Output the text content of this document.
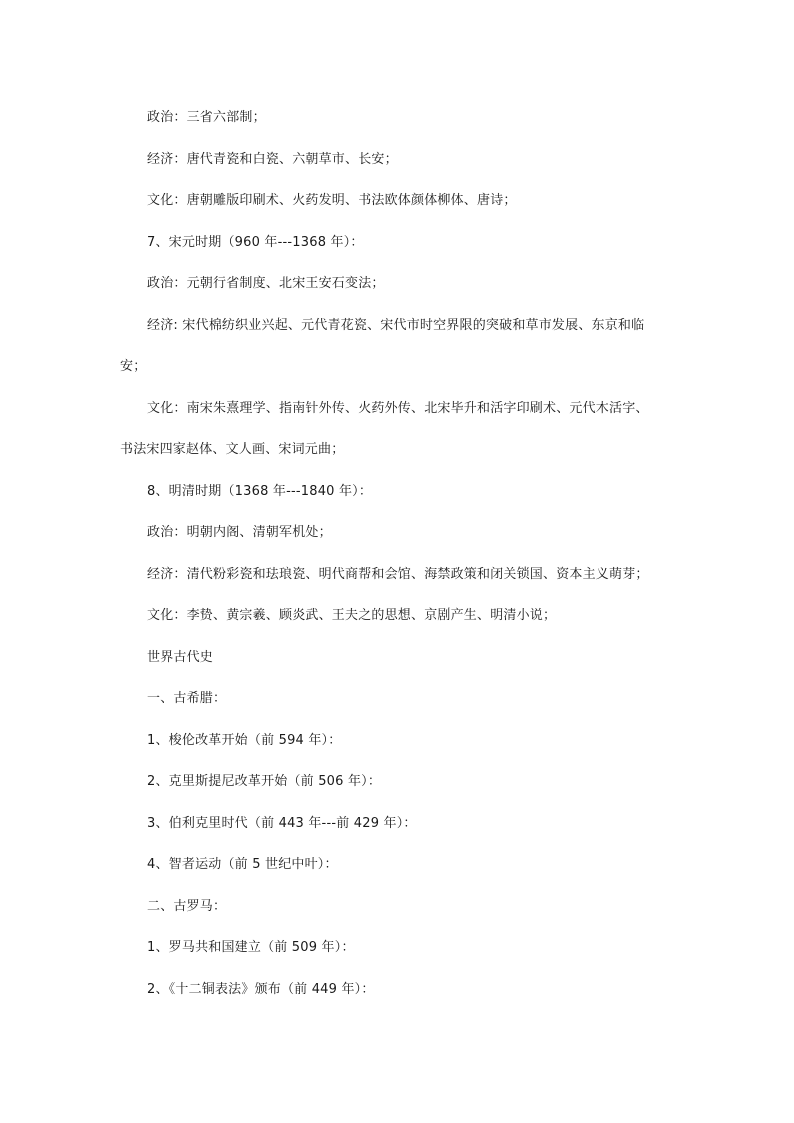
政治：三省六部制；
经济：唐代青瓷和白瓷、六朝草市、长安；
文化：唐朝雕版印刷术、火药发明、书法欧体颜体柳体、唐诗；
7、宋元时期（960 年---1368 年）：
政治：元朝行省制度、北宋王安石变法；
经济: 宋代棉纺织业兴起、元代青花瓷、宋代市时空界限的突破和草市发展、东京和临
安；
文化：南宋朱熹理学、指南针外传、火药外传、北宋毕升和活字印刷术、元代木活字、
书法宋四家赵体、文人画、宋词元曲；
8、明清时期（1368 年---1840 年）：
政治：明朝内阁、清朝军机处；
经济：清代粉彩瓷和珐琅瓷、明代商帮和会馆、海禁政策和闭关锁国、资本主义萌芽；
文化：李贽、黄宗羲、顾炎武、王夫之的思想、京剧产生、明清小说；
世界古代史
一、古希腊：
1、梭伦改革开始（前 594 年）：
2、克里斯提尼改革开始（前 506 年）：
3、伯利克里时代（前 443 年---前 429 年）：
4、智者运动（前 5 世纪中叶）：
二、古罗马：
1、罗马共和国建立（前 509 年）：
2、《十二铜表法》颁布（前 449 年）：
